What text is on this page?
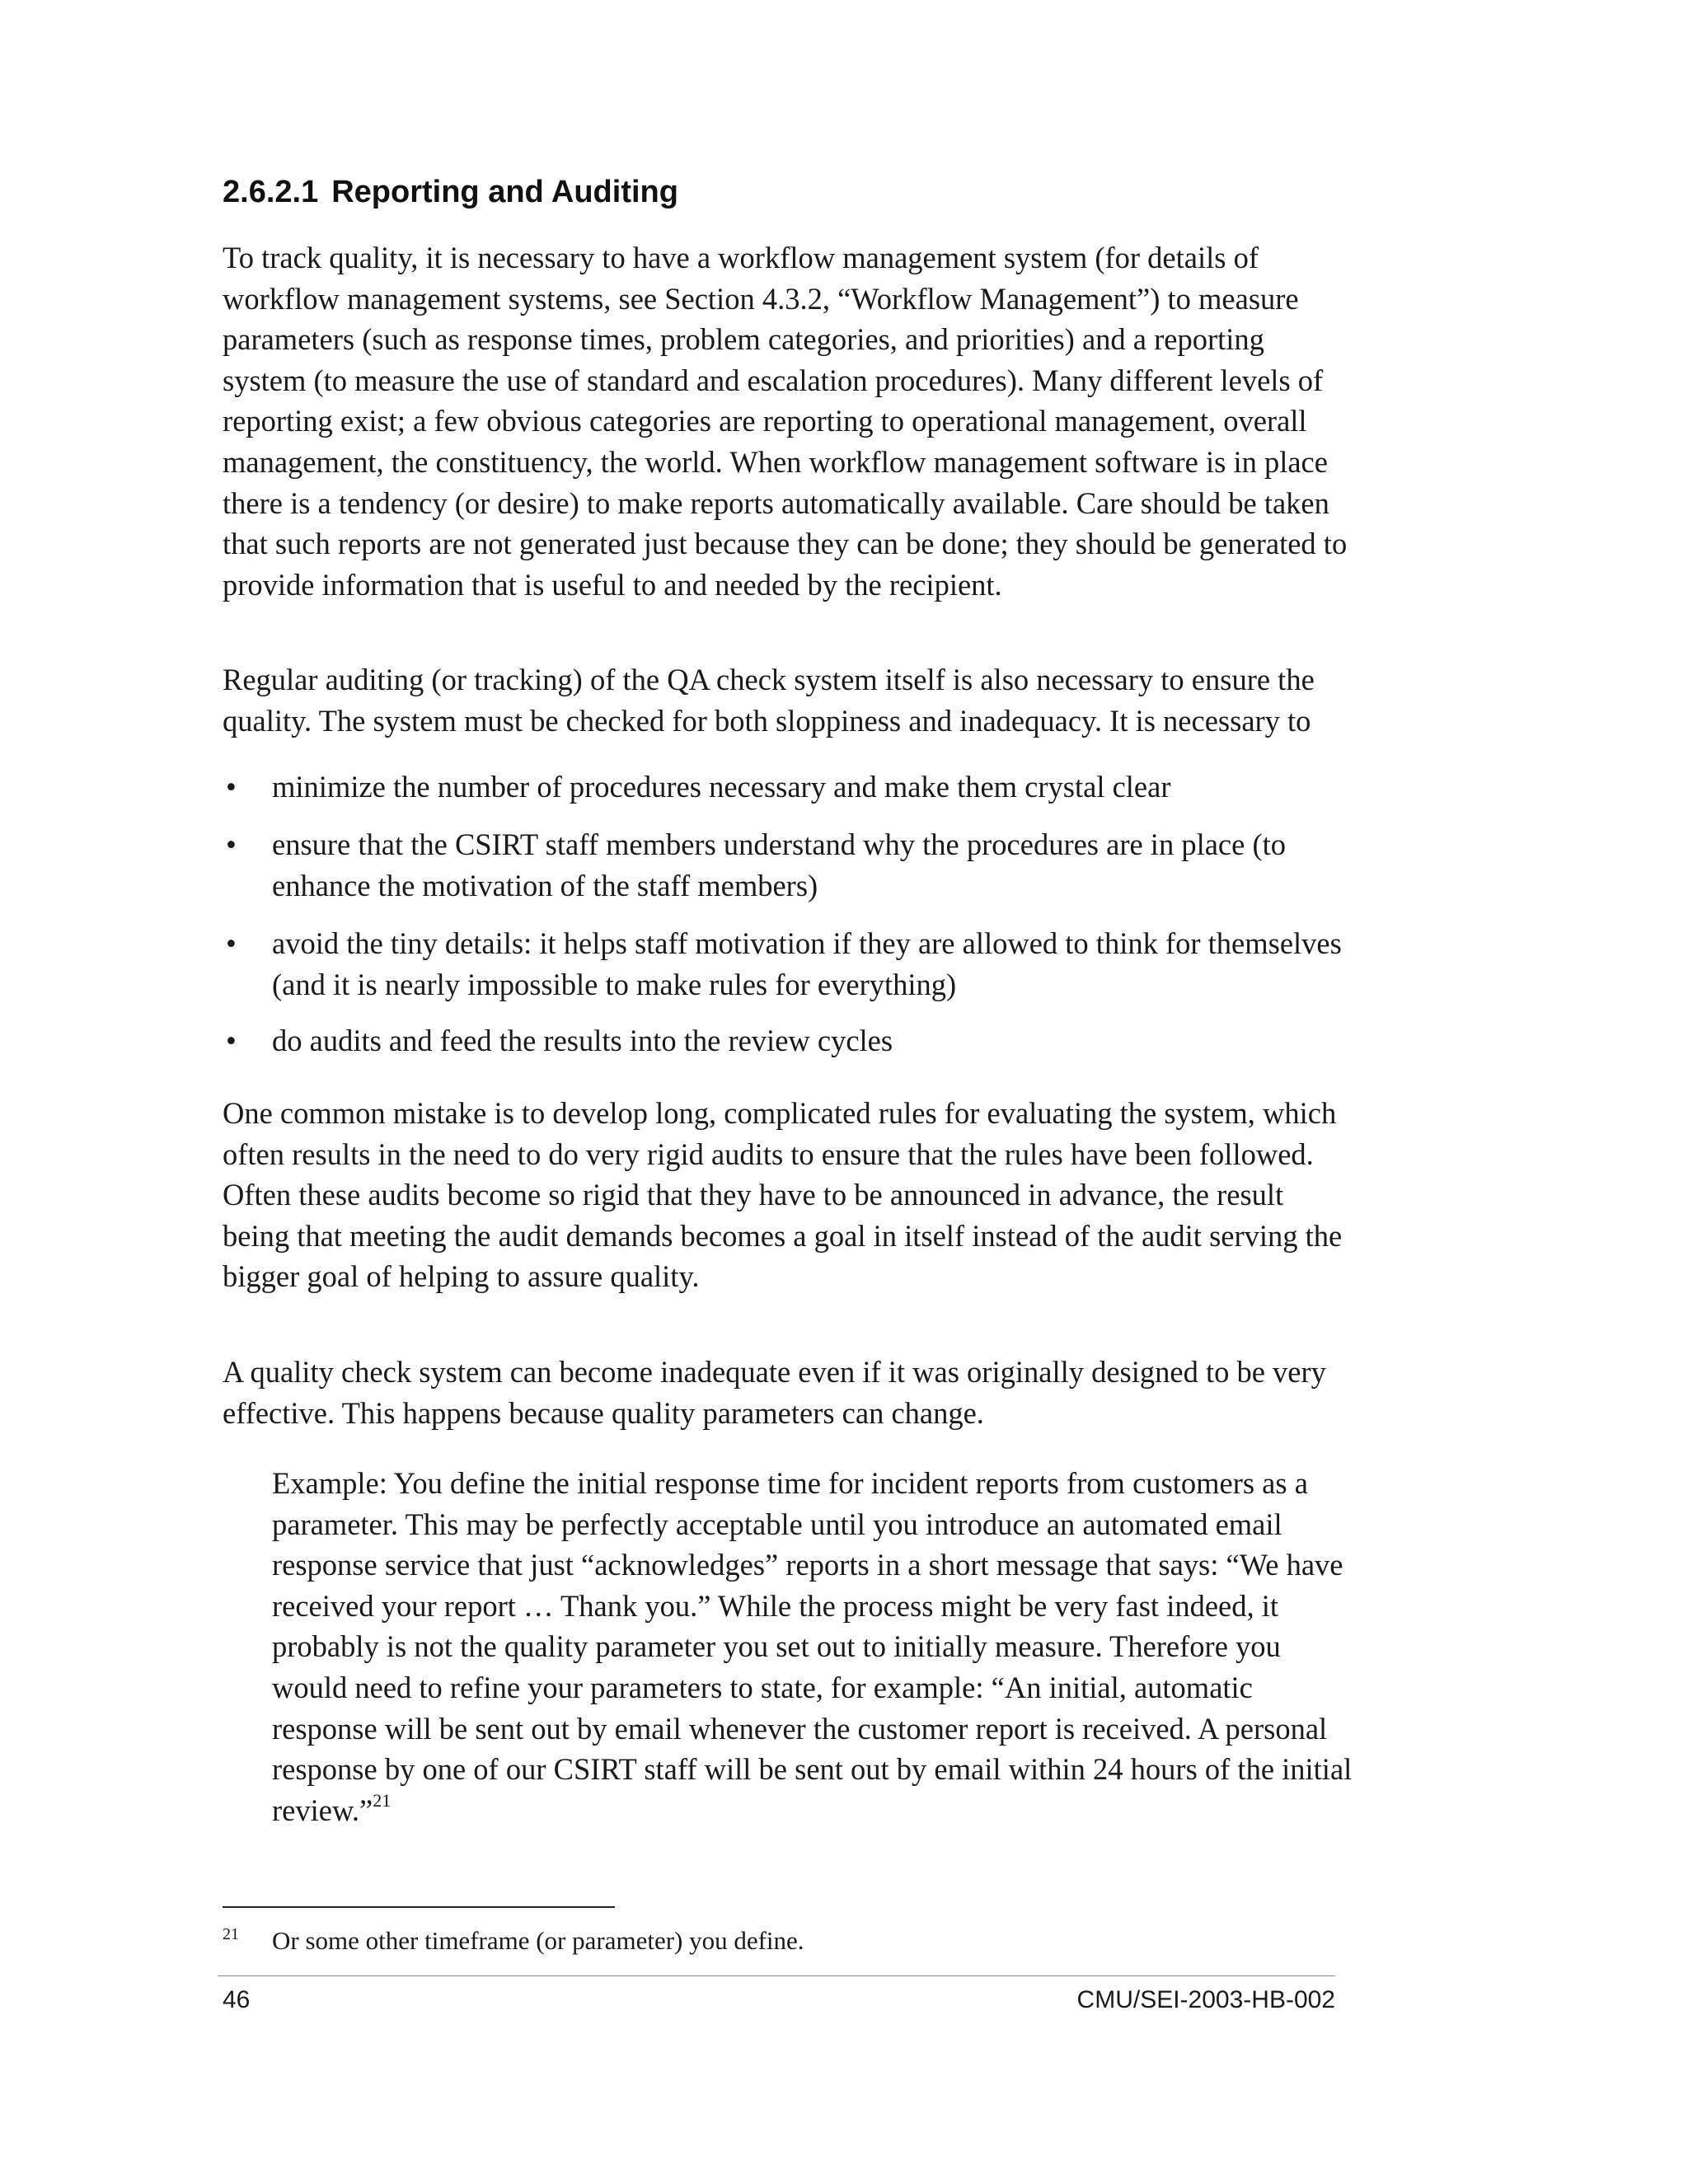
2.6.2.1 Reporting and Auditing
To track quality, it is necessary to have a workflow management system (for details of
workflow management systems, see Section 4.3.2, “Workflow Management”) to measure
parameters (such as response times, problem categories, and priorities) and a reporting
system (to measure the use of standard and escalation procedures). Many different levels of
reporting exist; a few obvious categories are reporting to operational management, overall
management, the constituency, the world. When workflow management software is in place
there is a tendency (or desire) to make reports automatically available. Care should be taken
that such reports are not generated just because they can be done; they should be generated to
provide information that is useful to and needed by the recipient.
Regular auditing (or tracking) of the QA check system itself is also necessary to ensure the
quality. The system must be checked for both sloppiness and inadequacy. It is necessary to
•	minimize the number of procedures necessary and make them crystal clear
•	ensure that the CSIRT staff members understand why the procedures are in place (to
enhance the motivation of the staff members)
•	avoid the tiny details: it helps staff motivation if they are allowed to think for themselves
(and it is nearly impossible to make rules for everything)
•	do audits and feed the results into the review cycles
One common mistake is to develop long, complicated rules for evaluating the system, which
often results in the need to do very rigid audits to ensure that the rules have been followed.
Often these audits become so rigid that they have to be announced in advance, the result
being that meeting the audit demands becomes a goal in itself instead of the audit serving the
bigger goal of helping to assure quality.
A quality check system can become inadequate even if it was originally designed to be very
effective. This happens because quality parameters can change.
Example: You define the initial response time for incident reports from customers as a
parameter. This may be perfectly acceptable until you introduce an automated email
response service that just “acknowledges” reports in a short message that says: “We have
received your report … Thank you.” While the process might be very fast indeed, it
probably is not the quality parameter you set out to initially measure. Therefore you
would need to refine your parameters to state, for example: “An initial, automatic
response will be sent out by email whenever the customer report is received. A personal
response by one of our CSIRT staff will be sent out by email within 24 hours of the initial
review.”$^{21}$
21 Or some other timeframe (or parameter) you define.
46	CMU/SEI-2003-HB-002
